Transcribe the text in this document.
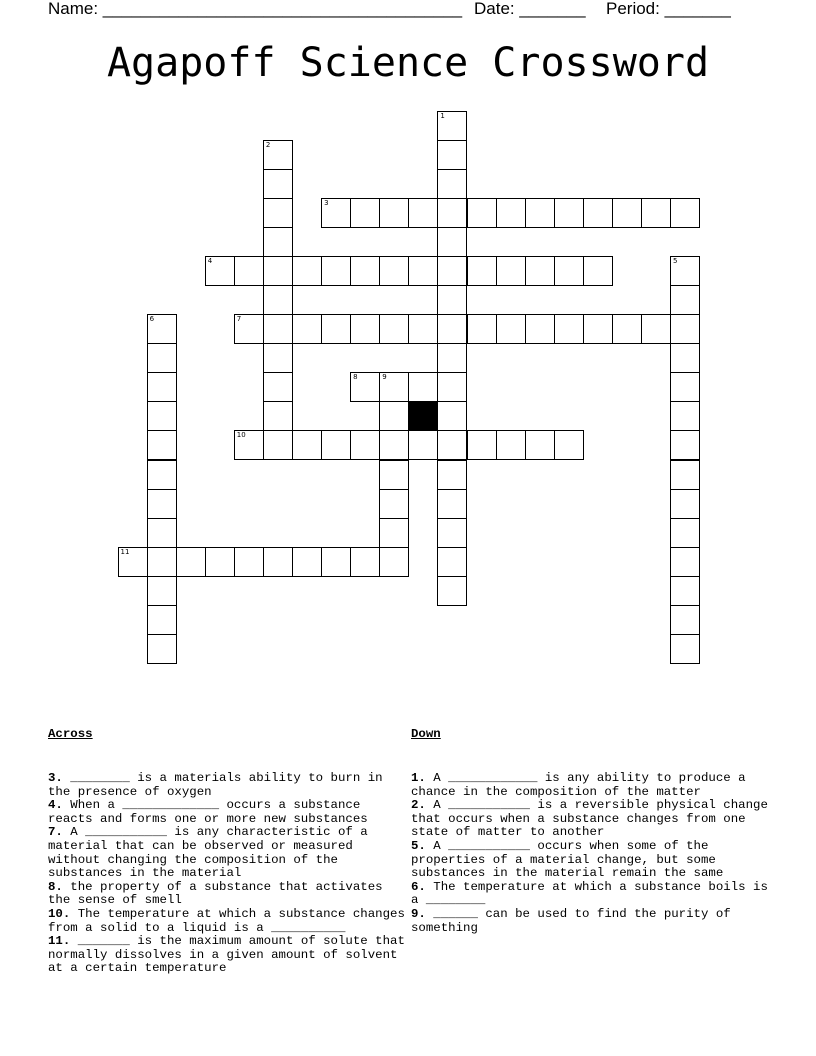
Name: ______________________________________ Date: _______ Period: _______
Agapoff Science Crossword
1
2
3
4	5
6	7
8	9
10
11

Across

3. ________ is a materials ability to burn in the presence of oxygen
4. When a _____________ occurs a substance reacts and forms one or more new substances
7. A ___________ is any characteristic of a material that can be observed or measured without changing the composition of the substances in the material
8. the property of a substance that activates the sense of smell
10. The temperature at which a substance changes from a solid to a liquid is a __________
11. _______ is the maximum amount of solute that normally dissolves in a given amount of solvent at a certain temperature

Down

1. A ____________ is any ability to produce a chance in the composition of the matter
2. A ___________ is a reversible physical change that occurs when a substance changes from one state of matter to another
5. A ___________ occurs when some of the properties of a material change, but some substances in the material remain the same
6. The temperature at which a substance boils is a ________
9. ______ can be used to find the purity of something
